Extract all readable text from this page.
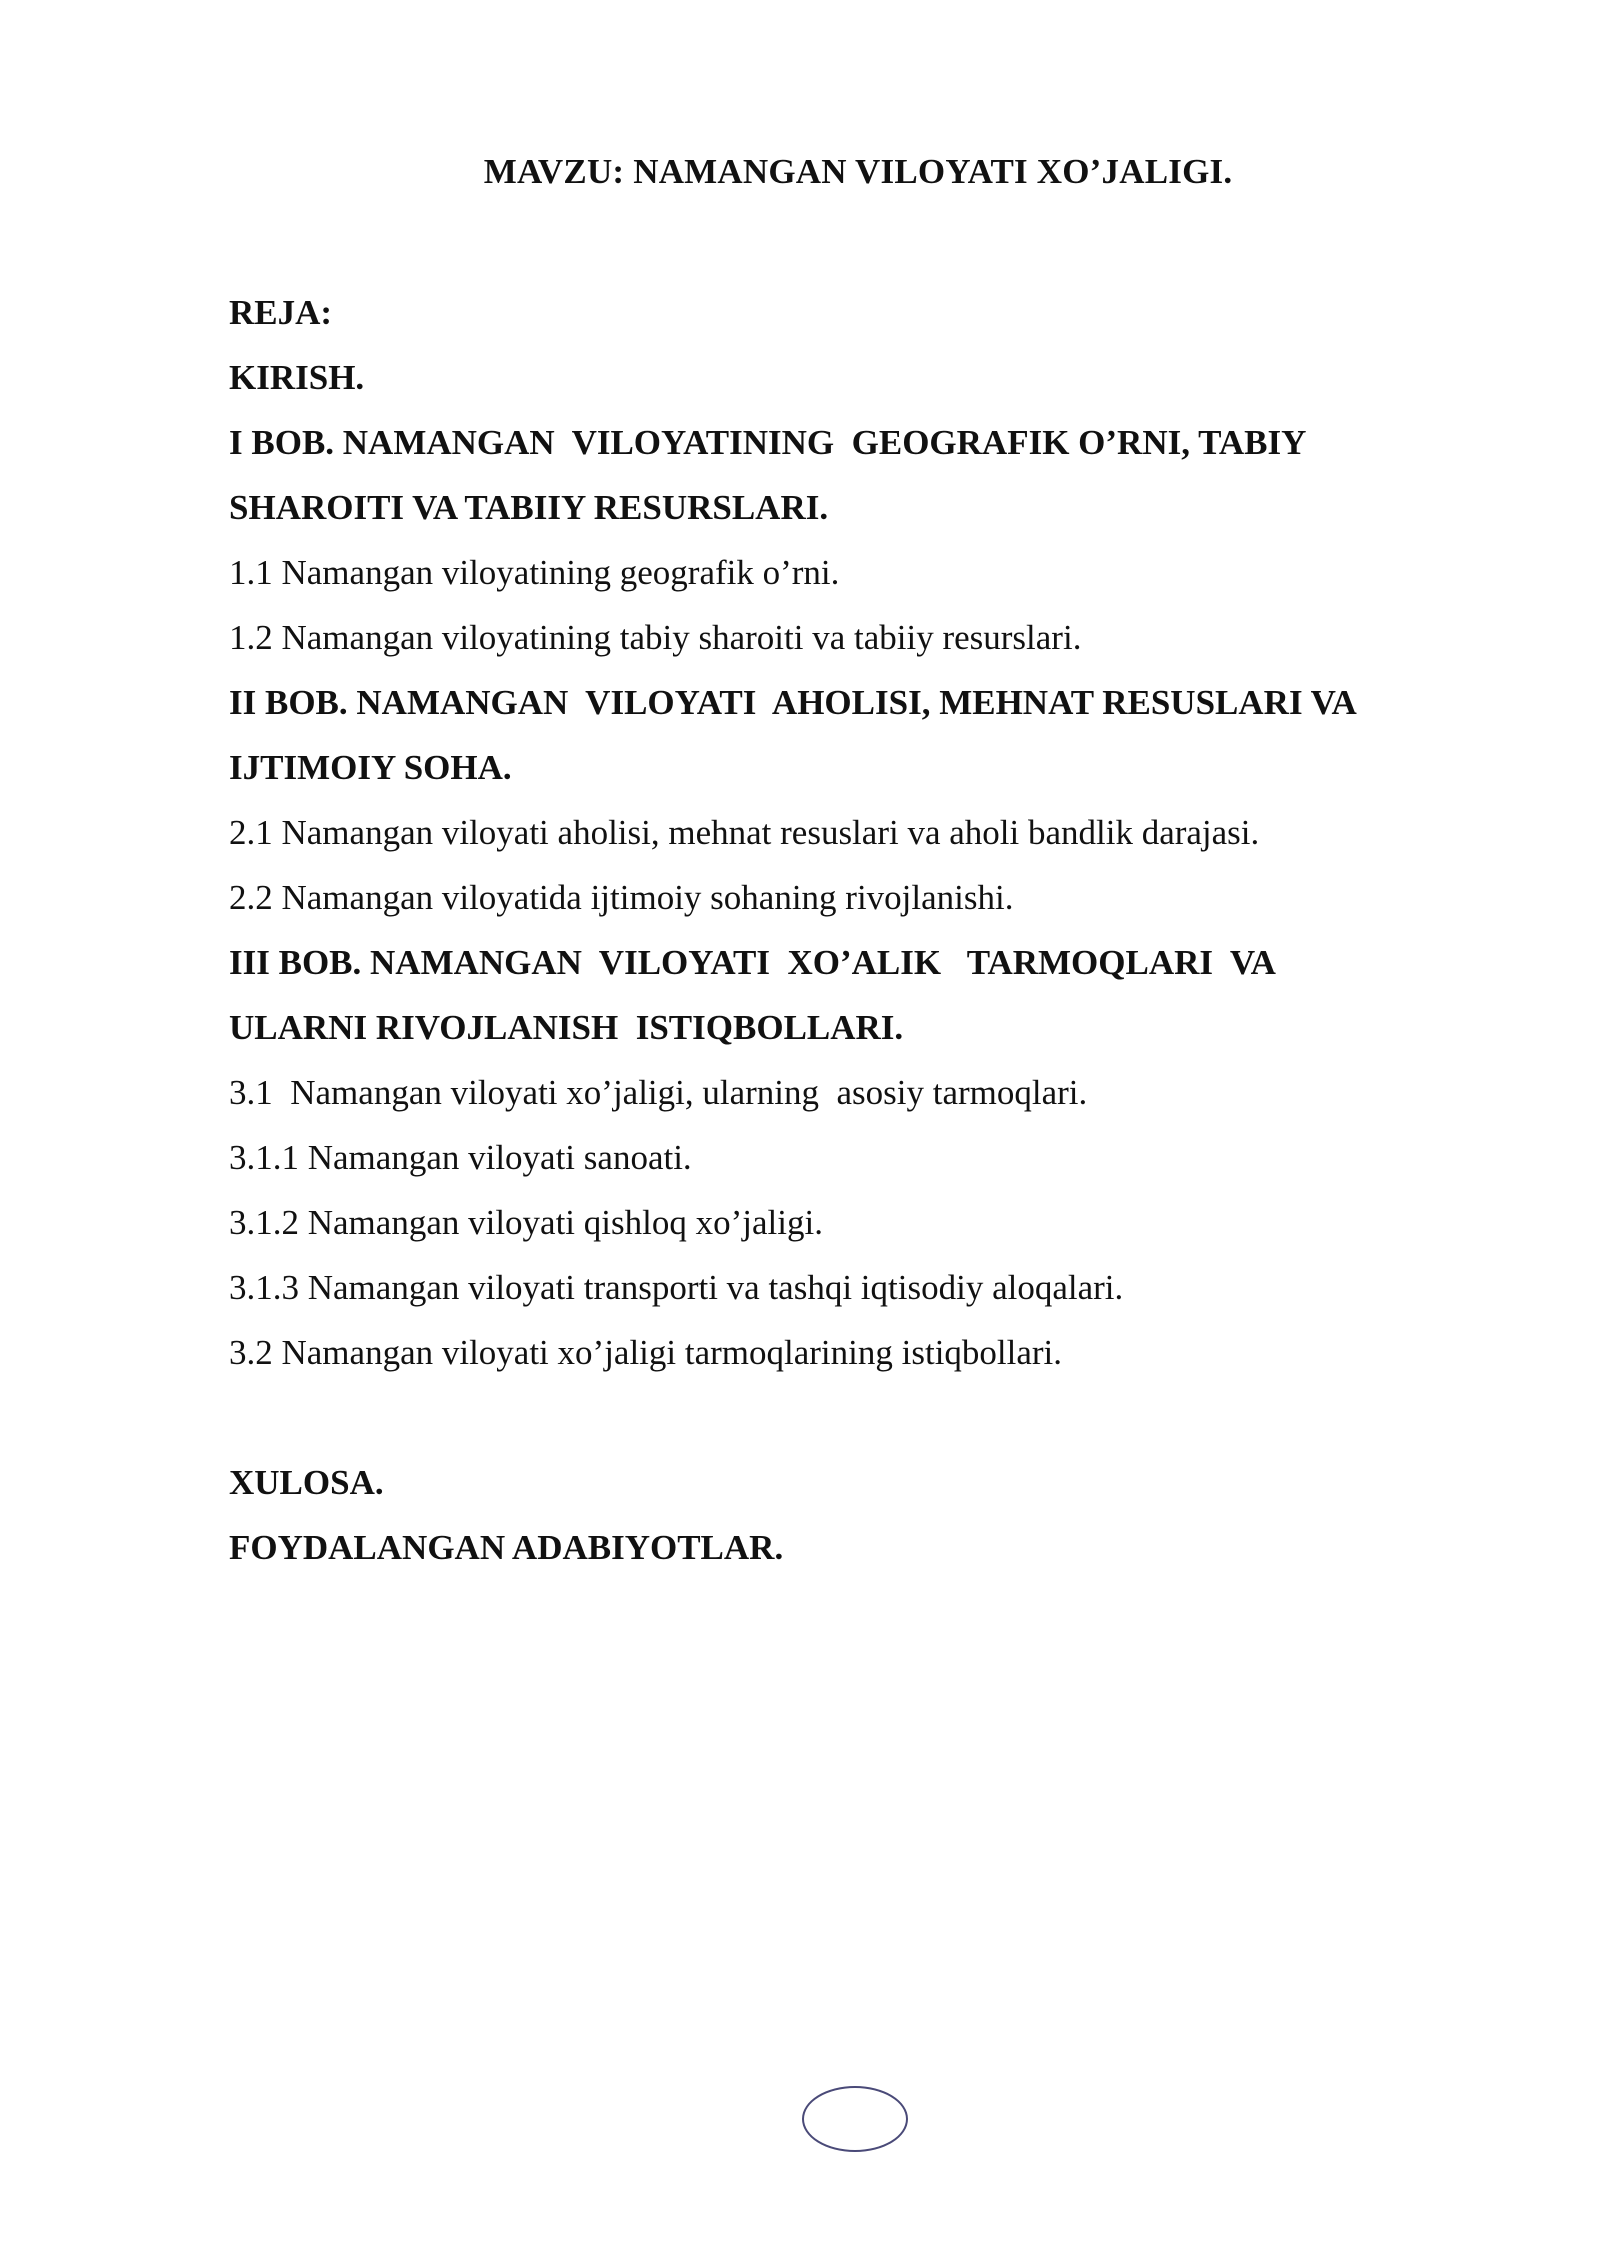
MAVZU: NAMANGAN VILOYATI XO’JALIGI.
REJA:
KIRISH.
I BOB. NAMANGAN  VILOYATINING  GEOGRAFIK O’RNI, TABIY
SHAROITI VA TABIIY RESURSLARI.
1.1 Namangan viloyatining geografik o’rni.
1.2 Namangan viloyatining tabiy sharoiti va tabiiy resurslari.
II BOB. NAMANGAN  VILOYATI  AHOLISI, MEHNAT RESUSLARI VA
IJTIMOIY SOHA.
2.1 Namangan viloyati aholisi, mehnat resuslari va aholi bandlik darajasi.
2.2 Namangan viloyatida ijtimoiy sohaning rivojlanishi.
III BOB. NAMANGAN  VILOYATI  XO’ALIK   TARMOQLARI  VA
ULARNI RIVOJLANISH  ISTIQBOLLARI.
3.1  Namangan viloyati xo’jaligi, ularning  asosiy tarmoqlari.
3.1.1 Namangan viloyati sanoati.
3.1.2 Namangan viloyati qishloq xo’jaligi.
3.1.3 Namangan viloyati transporti va tashqi iqtisodiy aloqalari.
3.2 Namangan viloyati xo’jaligi tarmoqlarining istiqbollari.
XULOSA.
FOYDALANGAN ADABIYOTLAR.
